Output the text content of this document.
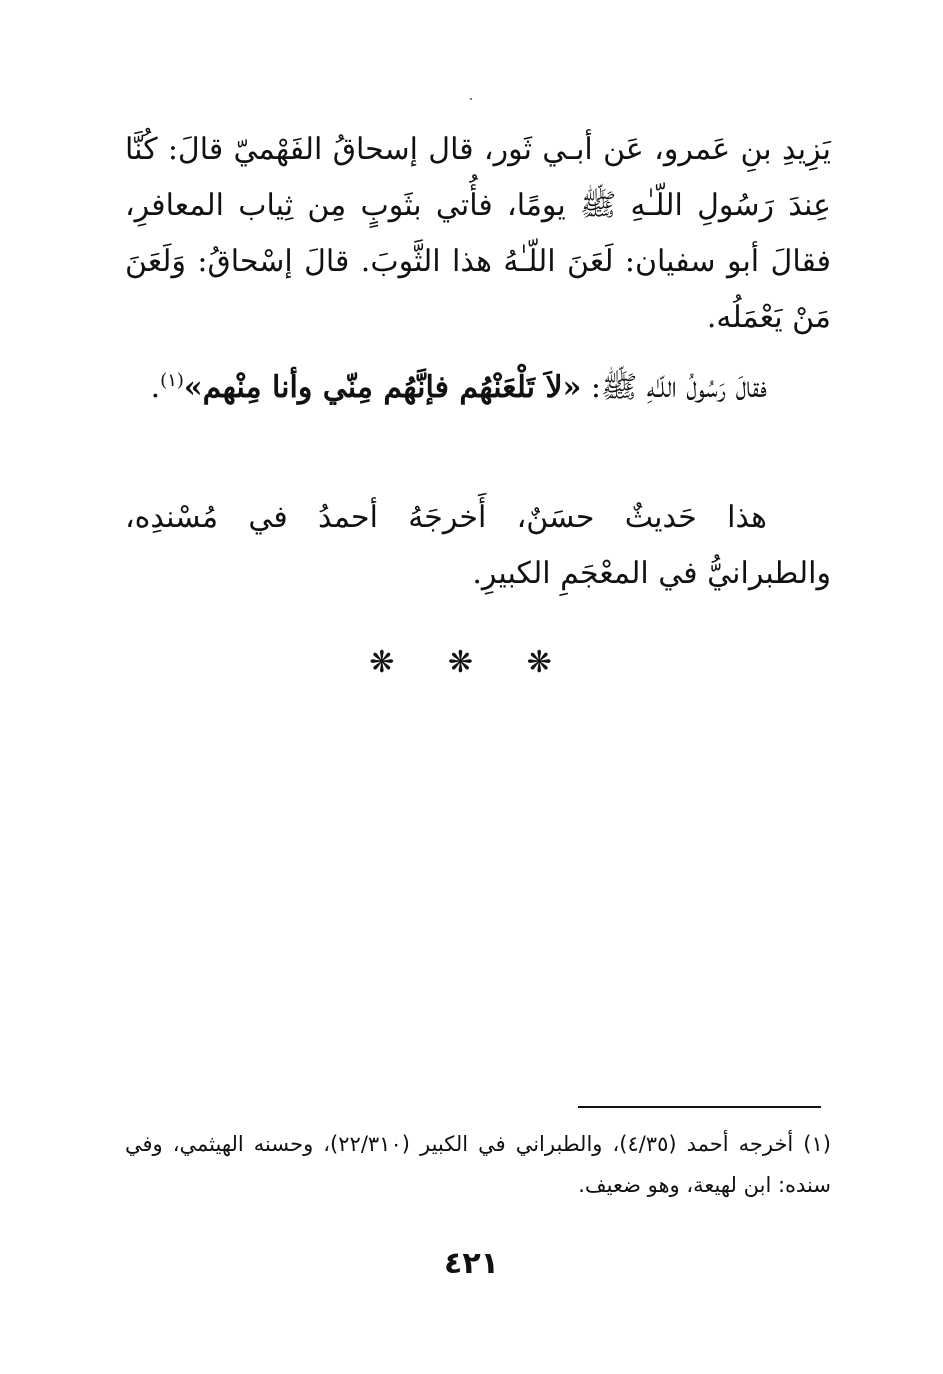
يَزِيدِ بنِ عَمرو، عَن أبـي ثَور، قال إسحاقُ الفَهْميّ قالَ: كُنَّا عِندَ رَسُولِ اللّـٰهِ ﷺ يومًا، فأُتي بثَوبٍ مِن ثِياب المعافرِ، فقالَ أبو سفيان: لَعَنَ اللّـٰهُ هذا الثَّوبَ. قالَ إسْحاقُ: وَلَعَنَ مَنْ يَعْمَلُه.

فقالَ رَسُولُ اللّـٰهِ ﷺ: «لاَ تَلْعَنْهُم فإنَّهُم مِنّي وأنا مِنْهم»$^{(١)}$.

هذا حَديثٌ حسَنٌ، أَخرجَهُ أحمدُ في مُسْندِه، والطبرانيُّ في المعْجَمِ الكبيرِ.

❋ ❋ ❋

(١) أخرجه أحمد (٤/٣٥)، والطبراني في الكبير (٢٢/٣١٠)، وحسنه الهيثمي، وفي سنده: ابن لهيعة، وهو ضعيف.

٤٢١
